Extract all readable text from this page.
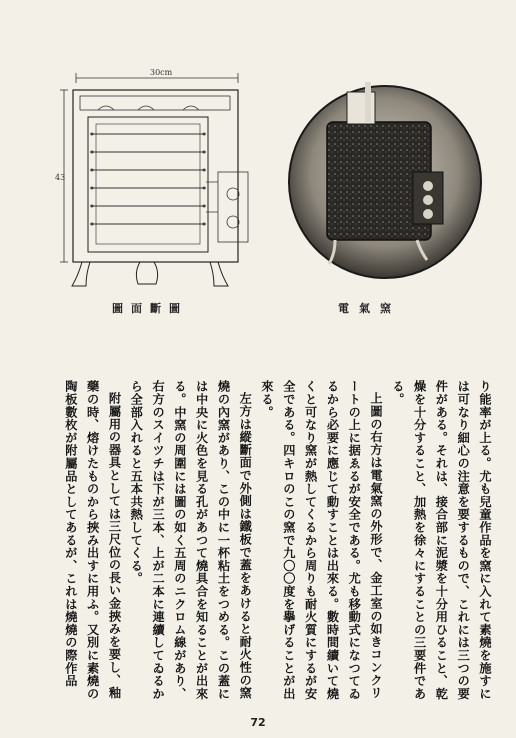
30cm
43
圖面斷圖	電氣窯

り能率が上る。尤も兒童作品を窯に入れて素燒を施すには可なり細心の注意を要するもので、これには三つの要件がある。それは、接合部に泥漿を十分用ひること、乾燥を十分すること、加熱を徐々にすることの三要件である。

上圖の右方は電氣窯の外形で、金工室の如きコンクリートの上に据ゑるが安全である。尤も移動式になつてゐるから必要に應じて動すことは出來る。數時間續いて燒くと可なり窯が熱してくるから周りも耐火質にするが安全である。四キロのこの窯で九〇〇度を擧げることが出來る。

左方は縱斷面で外側は鐵板で蓋をあけると耐火性の窯燒の內窯があり、この中に一杯粘土をつめる。この蓋には中央に火色を見る孔があつて燒具合を知ることが出來る。中窯の周圍には圖の如く五周のニクロム線があり、右方のスイツチは下が三本、上が二本に連續してゐるから全部入れると五本共熱してくる。

附屬用の器具としては三尺位の長い金挾みを要し、釉藥の時、熔けたものから挾み出すに用ふ。又別に素燒の陶板數枚が附屬品としてあるが、これは燒燒の際作品

72
